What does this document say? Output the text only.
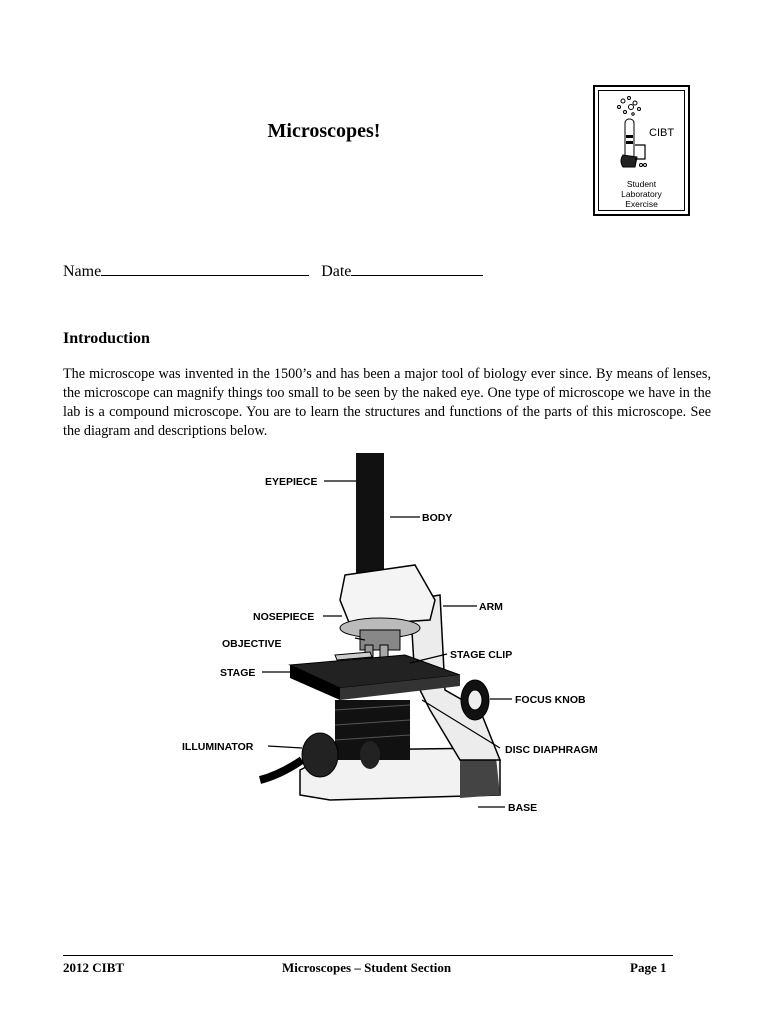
Microscopes!	CIBT
Student
Laboratory
Exercise
Name	Date
Introduction
The microscope was invented in the 1500’s and has been a major tool of biology ever since. By means of lenses, the microscope can magnify things too small to be seen by the naked eye. One type of microscope we have in the lab is a compound microscope. You are to learn the structures and functions of the parts of this microscope. See the diagram and descriptions below.
EYEPIECE
BODY
ARM
NOSEPIECE
OBJECTIVE
STAGE CLIP
STAGE
FOCUS KNOB
ILLUMINATOR	DISC DIAPHRAGM
BASE
2012 CIBT	Microscopes – Student Section	Page 1
